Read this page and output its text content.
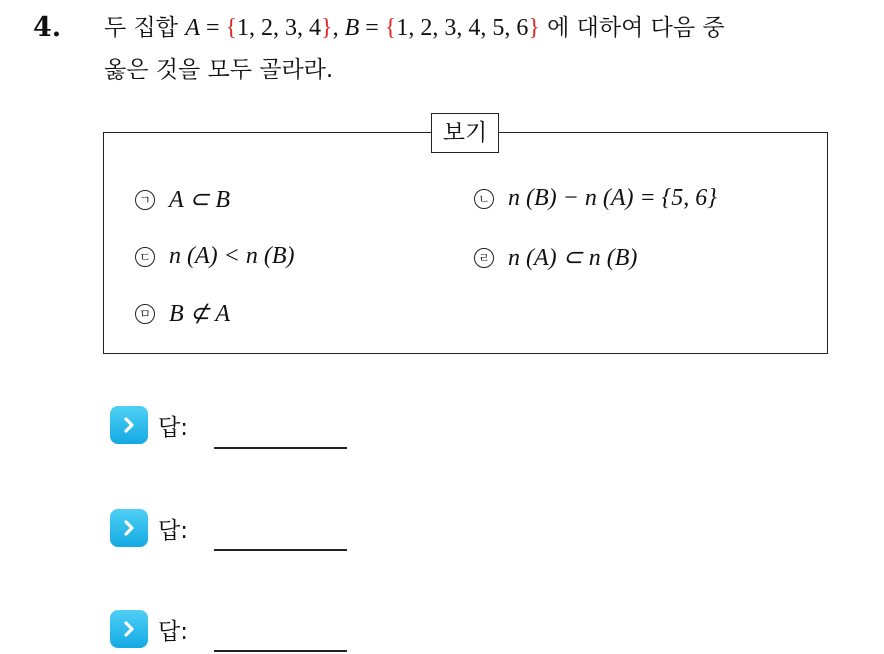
4. 두 집합 A = {1, 2, 3, 4}, B = {1, 2, 3, 4, 5, 6} 에 대하여 다음 중
옳은 것을 모두 골라라.
보기
ㄱ A ⊂ B	ㄴ n (B) − n (A) = {5, 6}
ㄷ n (A) < n (B)	ㄹ n (A) ⊂ n (B)
ㅁ B ⊄ A
답:
답:
답:
